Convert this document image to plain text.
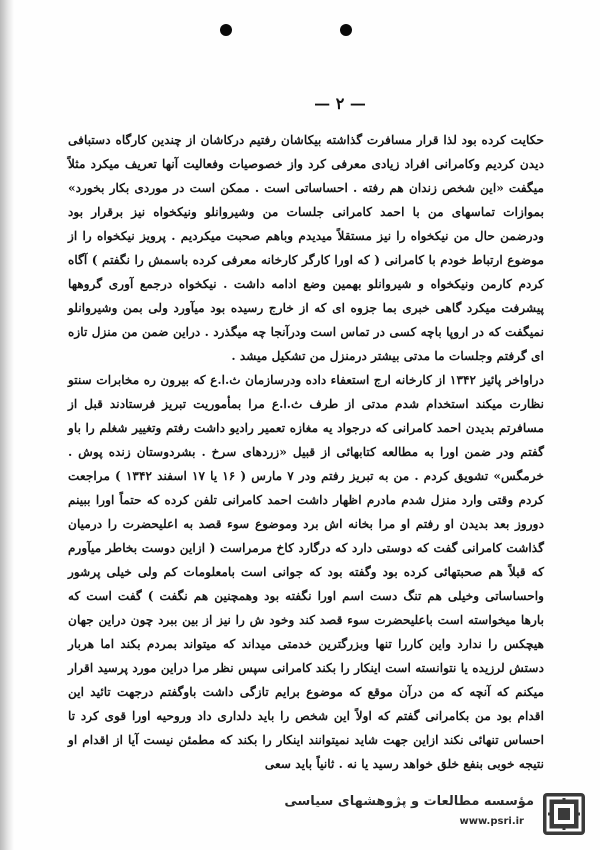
— ۲ —

حکایت کرده بود لذا قرار مسافرت گذاشته بیکاشان رفتیم درکاشان از چندین کارگاه دستبافی دیدن کردیم وکامرانی افراد زیادی معرفی کرد واز خصوصیات وفعالیت آنها تعریف میکرد مثلاً میگفت «این شخص زندان هم رفته . احساساتی است . ممکن است در موردی بکار بخورد» بموازات تماسهای من با احمد کامرانی جلسات من وشیروانلو ونیکخواه نیز برقرار بود ودرضمن حال من نیکخواه را نیز مستقلاً میدیدم وباهم صحبت میکردیم . پرویز نیکخواه را از موضوع ارتباط خودم با کامرانی ( که اورا کارگر کارخانه معرفی کرده باسمش را نگفتم ) آگاه کردم کارمن ونیکخواه و شیروانلو بهمین وضع ادامه داشت . نیکخواه درجمع آوری گروهها پیشرفت میکرد گاهی خبری بما جزوه ای که از خارج رسیده بود میآورد ولی بمن وشیروانلو نمیگفت که در اروپا باچه کسی در تماس است ودرآنجا چه میگذرد . دراین ضمن من منزل تازه ای گرفتم وجلسات ما مدتی بیشتر درمنزل من تشکیل میشد .

دراواخر پائیز ۱۳۴۲ از کارخانه ارج استعفاء داده ودرسازمان ث.ا.ع که بیرون ره مخابرات سنتو نظارت میکند استخدام شدم مدتی از طرف ث.ا.ع مرا بمأموریت تبریز فرستادند قبل از مسافرتم بدیدن احمد کامرانی که درجواد یه مغازه تعمیر رادیو داشت رفتم وتغییر شغلم را باو گفتم ودر ضمن اورا به مطالعه کتابهائی از قبیل «زردهای سرخ . بشردوستان زنده پوش . خرمگس» تشویق کردم . من به تبریز رفتم ودر ۷ مارس ( ۱۶ یا ۱۷ اسفند ۱۳۴۲ ) مراجعت کردم وقتی وارد منزل شدم مادرم اظهار داشت احمد کامرانی تلفن کرده که حتماً اورا ببینم دوروز بعد بدیدن او رفتم او مرا بخانه اش برد وموضوع سوء قصد به اعلیحضرت را درمیان گذاشت کامرانی گفت که دوستی دارد که درگارد کاخ مرمراست ( ازاین دوست بخاطر میآورم که قبلاً هم صحبتهائی کرده بود وگفته بود که جوانی است بامعلومات کم ولی خیلی پرشور واحساساتی وخیلی هم تنگ دست اسم اورا نگفته بود وهمچنین هم نگفت ) گفت است که بارها میخواسته است باعلیحضرت سوء قصد کند وخود ش را نیز از بین ببرد چون دراین جهان هیچکس را ندارد واین کاررا تنها وبزرگترین خدمتی میداند که میتواند بمردم بکند اما هربار دستش لرزیده یا نتوانسته است اینکار را بکند کامرانی سپس نظر مرا دراین مورد پرسید اقرار میکنم که آنچه که من درآن موقع که موضوع برایم تازگی داشت باوگفتم درجهت تائید این اقدام بود من بکامرانی گفتم که اولاً این شخص را باید دلداری داد وروحیه اورا قوی کرد تا احساس تنهائی نکند ازاین جهت شاید نمیتوانند اینکار را بکند که مطمئن نیست آیا از اقدام او نتیجه خوبی بنفع خلق خواهد رسید یا نه . ثانیاً باید سعی

مؤسسه مطالعات و پژوهشهای سیاسی
www.psri.ir
